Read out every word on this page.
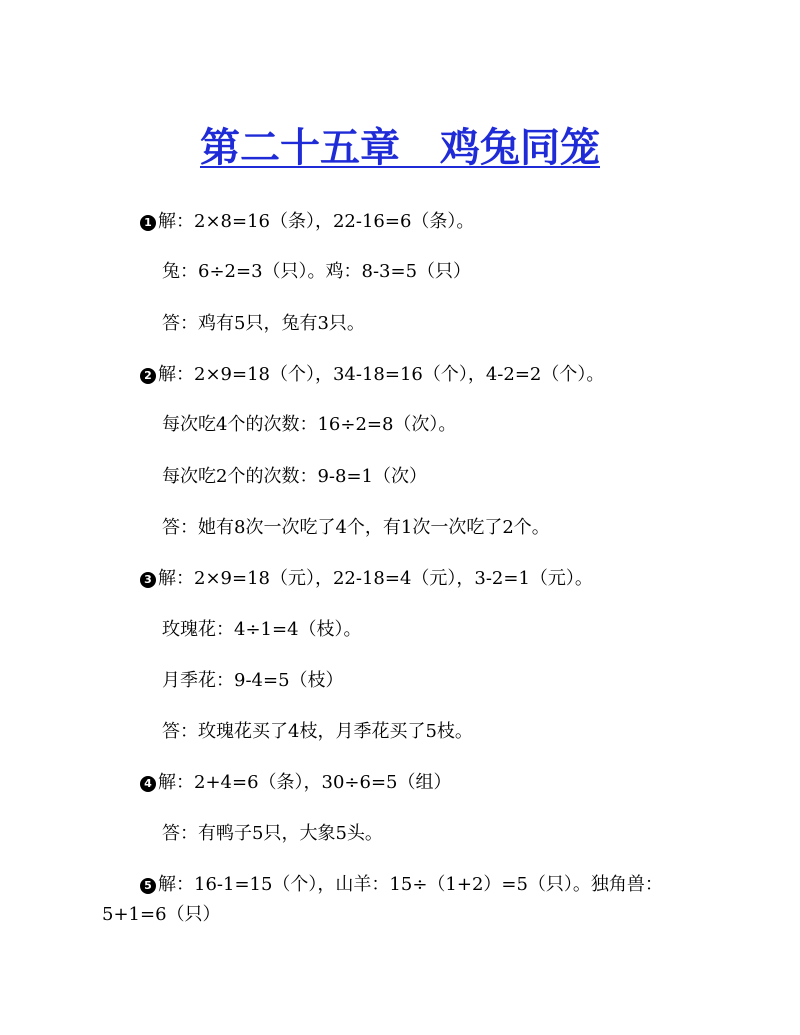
第二十五章　鸡兔同笼
1 解：2×8=16（条），22-16=6（条）。
兔：6÷2=3（只）。鸡：8-3=5（只）
答：鸡有5只，兔有3只。
2 解：2×9=18（个），34-18=16（个），4-2=2（个）。
每次吃4个的次数：16÷2=8（次）。
每次吃2个的次数：9-8=1（次）
答：她有8次一次吃了4个，有1次一次吃了2个。
3 解：2×9=18（元），22-18=4（元），3-2=1（元）。
玫瑰花：4÷1=4（枝）。
月季花：9-4=5（枝）
答：玫瑰花买了4枝，月季花买了5枝。
4 解：2+4=6（条），30÷6=5（组）
答：有鸭子5只，大象5头。
5 解：16-1=15（个），山羊：15÷（1+2）=5（只）。独角兽：
5+1=6（只）
